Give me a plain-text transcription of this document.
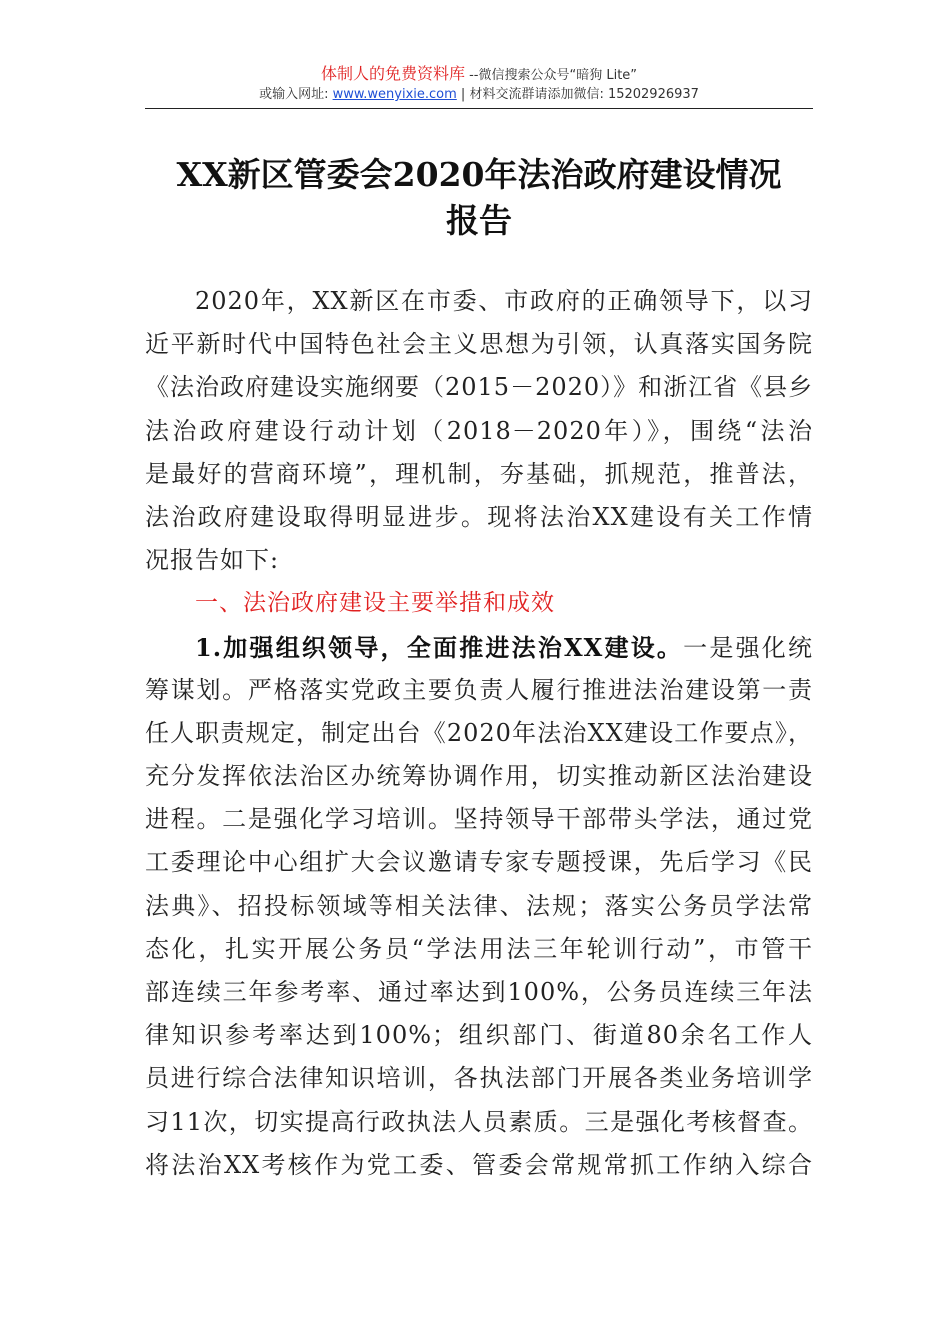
体制人的免费资料库 --微信搜索公众号“暗狗 Lite”
或输入网址: www.wenyixie.com | 材料交流群请添加微信: 15202926937
XX新区管委会2020年法治政府建设情况
报告
2020年，XX新区在市委、市政府的正确领导下，以习
近平新时代中国特色社会主义思想为引领，认真落实国务院
《法治政府建设实施纲要（2015－2020）》和浙江省《县乡
法治政府建设行动计划（2018－2020年）》，围绕“法治
是最好的营商环境”，理机制，夯基础，抓规范，推普法，
法治政府建设取得明显进步。现将法治XX建设有关工作情
况报告如下:
一、法治政府建设主要举措和成效
1.加强组织领导，全面推进法治XX建设。一是强化统
筹谋划。严格落实党政主要负责人履行推进法治建设第一责
任人职责规定，制定出台《2020年法治XX建设工作要点》，
充分发挥依法治区办统筹协调作用，切实推动新区法治建设
进程。二是强化学习培训。坚持领导干部带头学法，通过党
工委理论中心组扩大会议邀请专家专题授课，先后学习《民
法典》、招投标领域等相关法律、法规；落实公务员学法常
态化，扎实开展公务员“学法用法三年轮训行动”，市管干
部连续三年参考率、通过率达到100%，公务员连续三年法
律知识参考率达到100%；组织部门、街道80余名工作人
员进行综合法律知识培训，各执法部门开展各类业务培训学
习11次，切实提高行政执法人员素质。三是强化考核督查。
将法治XX考核作为党工委、管委会常规常抓工作纳入综合
